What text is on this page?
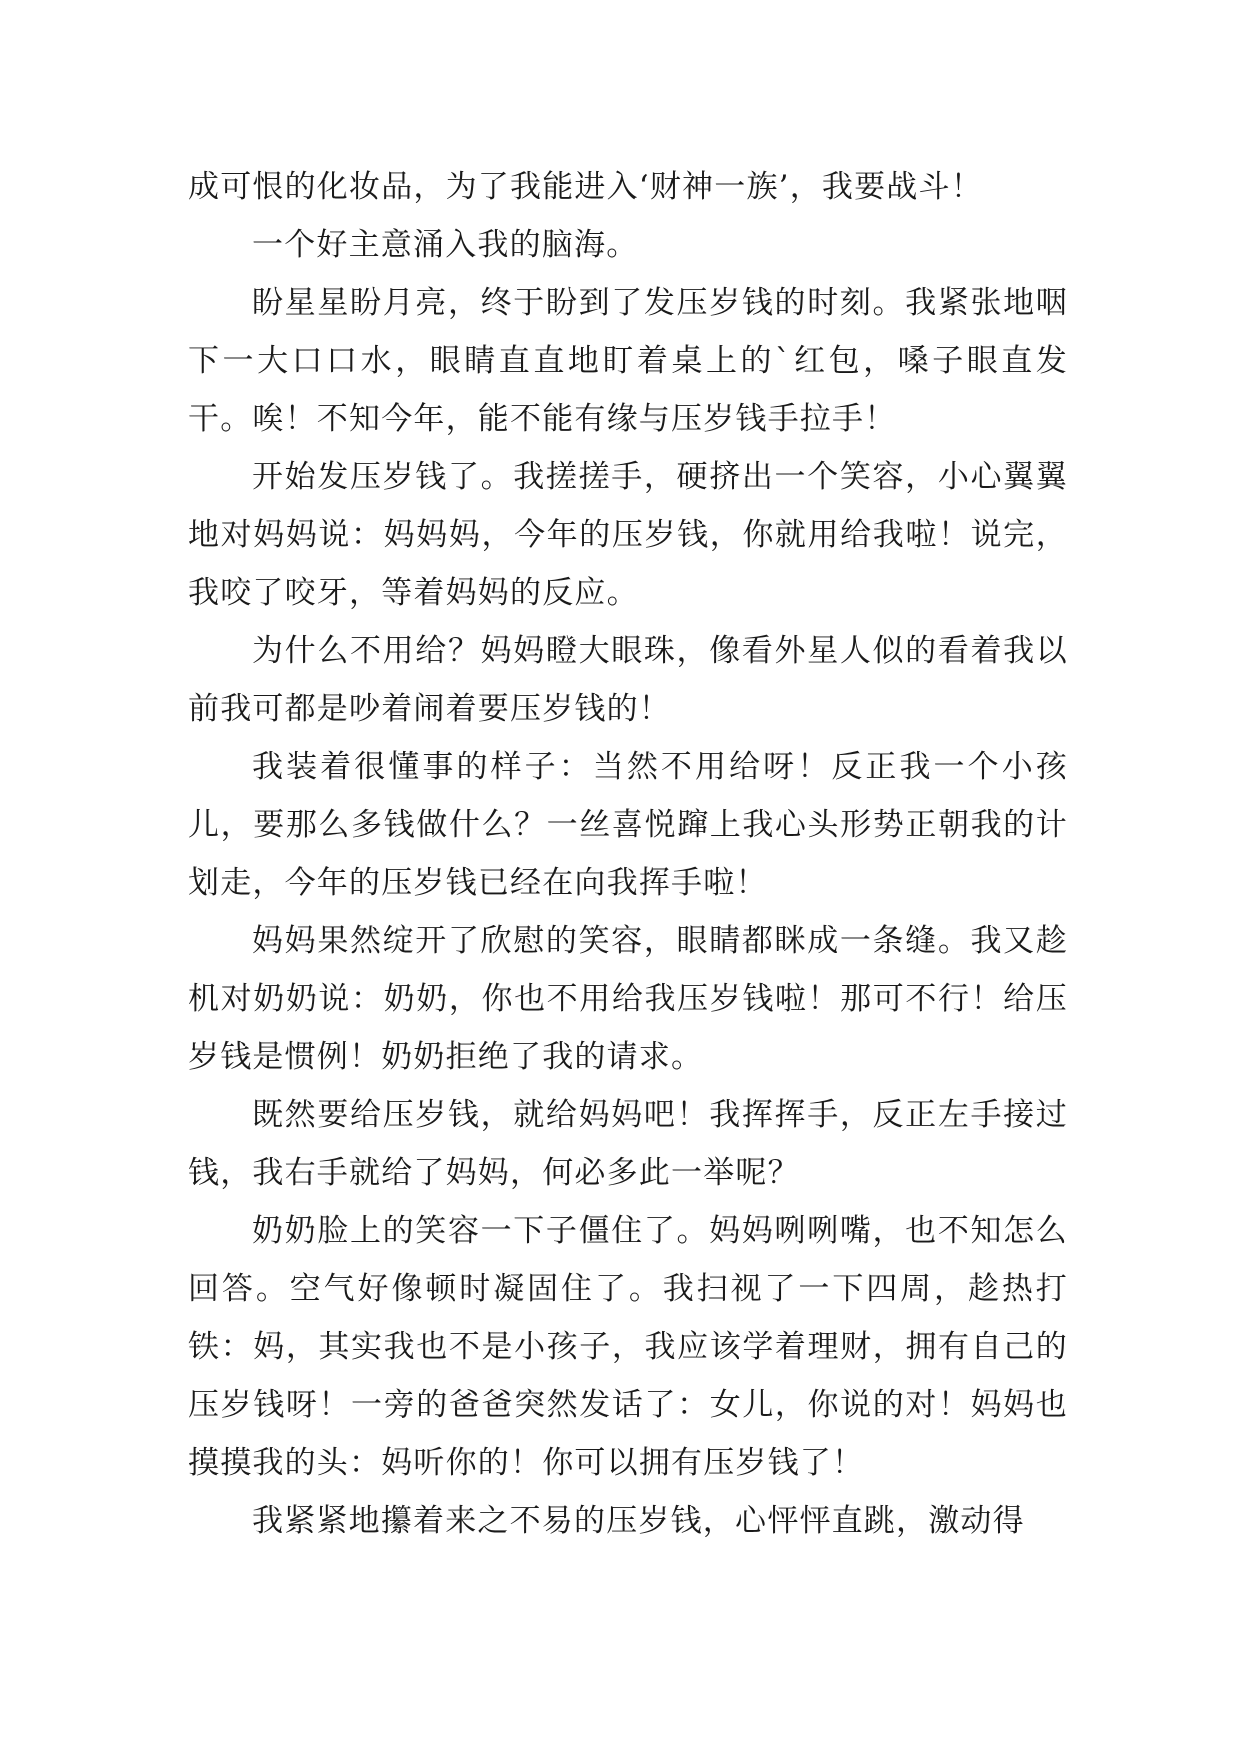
成可恨的化妆品，为了我能进入‘财神一族’，我要战斗！

一个好主意涌入我的脑海。

盼星星盼月亮，终于盼到了发压岁钱的时刻。我紧张地咽下一大口口水，眼睛直直地盯着桌上的`红包，嗓子眼直发干。唉！不知今年，能不能有缘与压岁钱手拉手！

开始发压岁钱了。我搓搓手，硬挤出一个笑容，小心翼翼地对妈妈说：妈妈妈，今年的压岁钱，你就用给我啦！说完，我咬了咬牙，等着妈妈的反应。

为什么不用给？妈妈瞪大眼珠，像看外星人似的看着我以前我可都是吵着闹着要压岁钱的！

我装着很懂事的样子：当然不用给呀！反正我一个小孩儿，要那么多钱做什么？一丝喜悦蹿上我心头形势正朝我的计划走，今年的压岁钱已经在向我挥手啦！

妈妈果然绽开了欣慰的笑容，眼睛都眯成一条缝。我又趁机对奶奶说：奶奶，你也不用给我压岁钱啦！那可不行！给压岁钱是惯例！奶奶拒绝了我的请求。

既然要给压岁钱，就给妈妈吧！我挥挥手，反正左手接过钱，我右手就给了妈妈，何必多此一举呢？

奶奶脸上的笑容一下子僵住了。妈妈咧咧嘴，也不知怎么回答。空气好像顿时凝固住了。我扫视了一下四周，趁热打铁：妈，其实我也不是小孩子，我应该学着理财，拥有自己的压岁钱呀！一旁的爸爸突然发话了：女儿，你说的对！妈妈也摸摸我的头：妈听你的！你可以拥有压岁钱了！

我紧紧地攥着来之不易的压岁钱，心怦怦直跳，激动得
